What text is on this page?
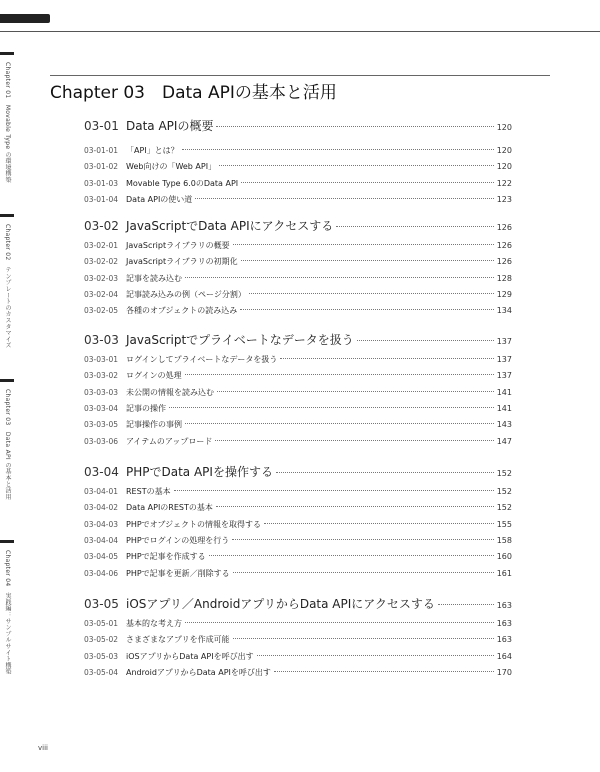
Chapter 01　Movable Type の環境構築
Chapter 02　テンプレートのカスタマイズ
Chapter 03　Data API の基本と活用
Chapter 04　実践編：サンプルサイト構築
Chapter 03　Data APIの基本と活用
03-01 Data APIの概要	120
03-01-01 「API」とは？	120
03-01-02 Web向けの「Web API」	120
03-01-03 Movable Type 6.0のData API	122
03-01-04 Data APIの使い道	123
03-02 JavaScriptでData APIにアクセスする	126
03-02-01 JavaScriptライブラリの概要	126
03-02-02 JavaScriptライブラリの初期化	126
03-02-03 記事を読み込む	128
03-02-04 記事読み込みの例（ページ分割）	129
03-02-05 各種のオブジェクトの読み込み	134
03-03 JavaScriptでプライベートなデータを扱う	137
03-03-01 ログインしてプライベートなデータを扱う	137
03-03-02 ログインの処理	137
03-03-03 未公開の情報を読み込む	141
03-03-04 記事の操作	141
03-03-05 記事操作の事例	143
03-03-06 アイテムのアップロード	147
03-04 PHPでData APIを操作する	152
03-04-01 RESTの基本	152
03-04-02 Data APIのRESTの基本	152
03-04-03 PHPでオブジェクトの情報を取得する	155
03-04-04 PHPでログインの処理を行う	158
03-04-05 PHPで記事を作成する	160
03-04-06 PHPで記事を更新／削除する	161
03-05 iOSアプリ／AndroidアプリからData APIにアクセスする	163
03-05-01 基本的な考え方	163
03-05-02 さまざまなアプリを作成可能	163
03-05-03 iOSアプリからData APIを呼び出す	164
03-05-04 AndroidアプリからData APIを呼び出す	170
viii
